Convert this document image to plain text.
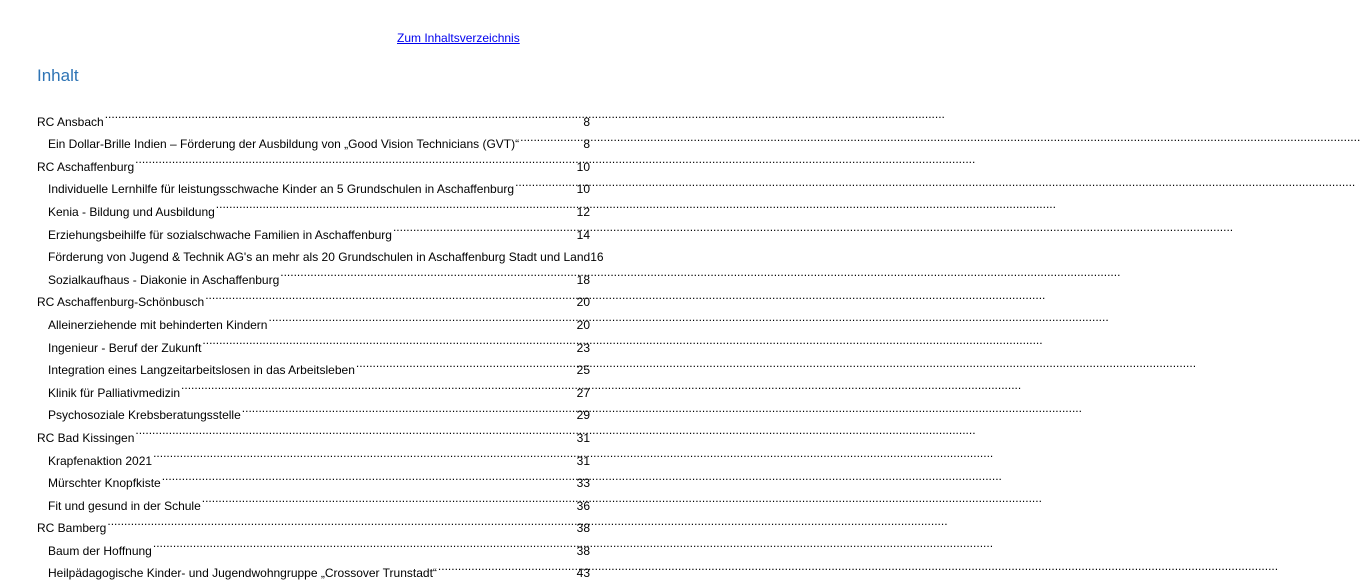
Zum Inhaltsverzeichnis
Inhalt
RC Ansbach .....	8
Ein Dollar-Brille Indien – Förderung der Ausbildung von „Good Vision Technicians (GVT)“ .....	8
RC Aschaffenburg .....	10
Individuelle Lernhilfe für leistungsschwache Kinder an 5 Grundschulen in Aschaffenburg .....	10
Kenia - Bildung und Ausbildung .....	12
Erziehungsbeihilfe für sozialschwache Familien in Aschaffenburg .....	14
Förderung von Jugend & Technik AG's an mehr als 20 Grundschulen in Aschaffenburg Stadt und Land 16
Sozialkaufhaus - Diakonie in Aschaffenburg .....	18
RC Aschaffenburg-Schönbusch .....	20
Alleinerziehende mit behinderten Kindern .....	20
Ingenieur - Beruf der Zukunft .....	23
Integration eines Langzeitarbeitslosen in das Arbeitsleben .....	25
Klinik für Palliativmedizin .....	27
Psychosoziale Krebsberatungsstelle .....	29
RC Bad Kissingen .....	31
Krapfenaktion 2021 .....	31
Mürschter Knopfkiste .....	33
Fit und gesund in der Schule .....	36
RC Bamberg .....	38
Baum der Hoffnung .....	38
Heilpädagogische Kinder- und Jugendwohngruppe „Crossover Trunstadt“ .....	43
